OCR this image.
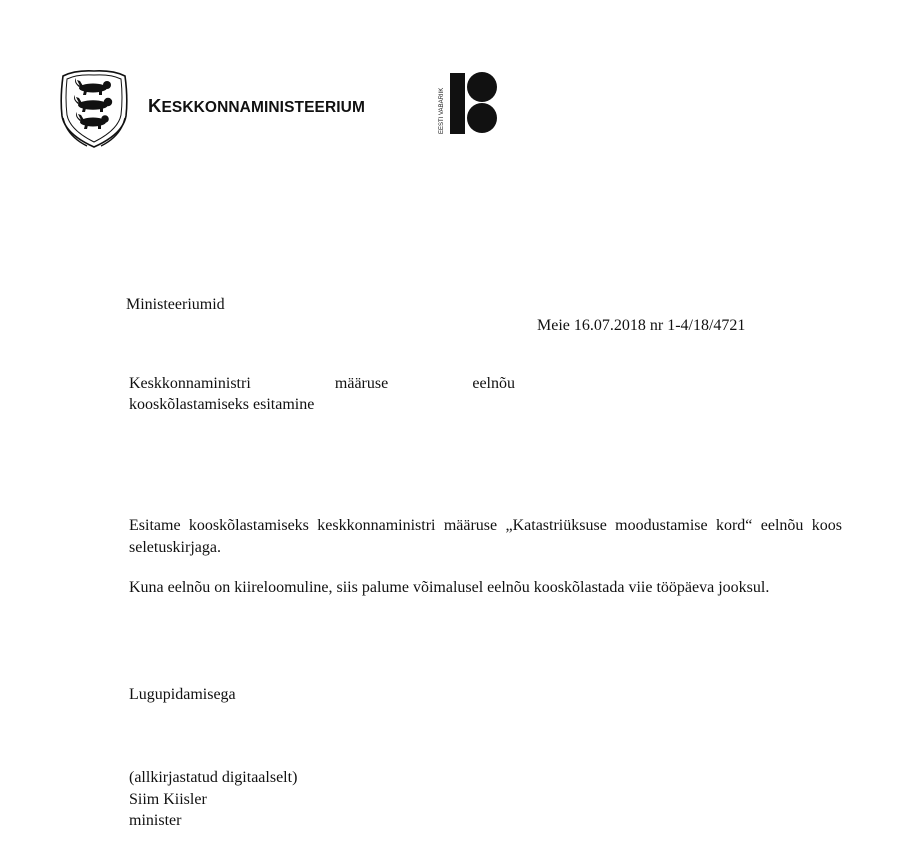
KESKKONNAMINISTEERIUM	EESTI VABARIIK
Ministeeriumid
Meie 16.07.2018 nr 1-4/18/4721
Keskkonnaministri määruse eelnõu
kooskõlastamiseks esitamine
Esitame kooskõlastamiseks keskkonnaministri määruse „Katastriüksuse moodustamise kord“ eelnõu koos seletuskirjaga.
Kuna eelnõu on kiireloomuline, siis palume võimalusel eelnõu kooskõlastada viie tööpäeva jooksul.
Lugupidamisega
(allkirjastatud digitaalselt)
Siim Kiisler
minister
